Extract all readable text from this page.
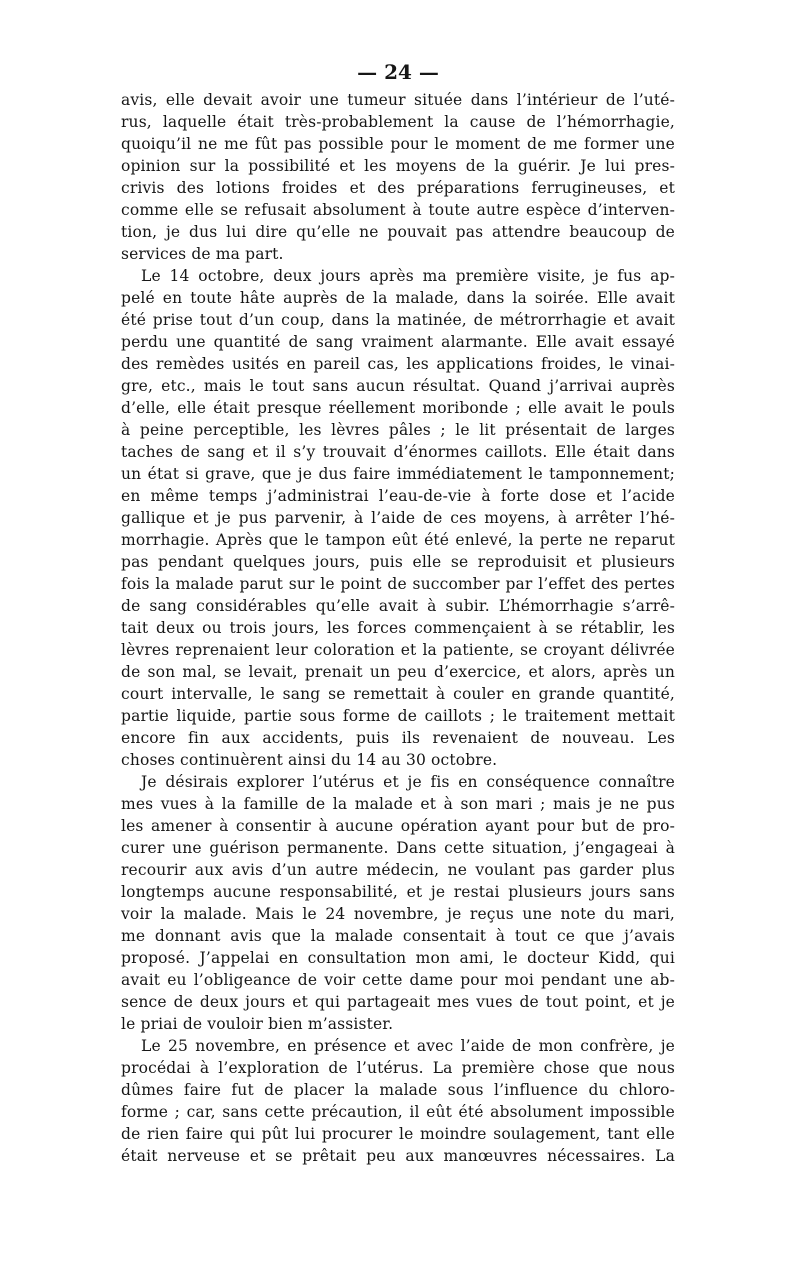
— 24 —

avis, elle devait avoir une tumeur située dans l’intérieur de l’uté-
rus, laquelle était très-probablement la cause de l’hémorrhagie,
quoiqu’il ne me fût pas possible pour le moment de me former une
opinion sur la possibilité et les moyens de la guérir. Je lui pres-
crivis des lotions froides et des préparations ferrugineuses, et
comme elle se refusait absolument à toute autre espèce d’interven-
tion, je dus lui dire qu’elle ne pouvait pas attendre beaucoup de
services de ma part.

Le 14 octobre, deux jours après ma première visite, je fus ap-
pelé en toute hâte auprès de la malade, dans la soirée. Elle avait
été prise tout d’un coup, dans la matinée, de métrorrhagie et avait
perdu une quantité de sang vraiment alarmante. Elle avait essayé
des remèdes usités en pareil cas, les applications froides, le vinai-
gre, etc., mais le tout sans aucun résultat. Quand j’arrivai auprès
d’elle, elle était presque réellement moribonde ; elle avait le pouls
à peine perceptible, les lèvres pâles ; le lit présentait de larges
taches de sang et il s’y trouvait d’énormes caillots. Elle était dans
un état si grave, que je dus faire immédiatement le tamponnement;
en même temps j’administrai l’eau-de-vie à forte dose et l’acide
gallique et je pus parvenir, à l’aide de ces moyens, à arrêter l’hé-
morrhagie. Après que le tampon eût été enlevé, la perte ne reparut
pas pendant quelques jours, puis elle se reproduisit et plusieurs
fois la malade parut sur le point de succomber par l’effet des pertes
de sang considérables qu’elle avait à subir. L’hémorrhagie s’arrê-
tait deux ou trois jours, les forces commençaient à se rétablir, les
lèvres reprenaient leur coloration et la patiente, se croyant délivrée
de son mal, se levait, prenait un peu d’exercice, et alors, après un
court intervalle, le sang se remettait à couler en grande quantité,
partie liquide, partie sous forme de caillots ; le traitement mettait
encore fin aux accidents, puis ils revenaient de nouveau. Les
choses continuèrent ainsi du 14 au 30 octobre.

Je désirais explorer l’utérus et je fis en conséquence connaître
mes vues à la famille de la malade et à son mari ; mais je ne pus
les amener à consentir à aucune opération ayant pour but de pro-
curer une guérison permanente. Dans cette situation, j’engageai à
recourir aux avis d’un autre médecin, ne voulant pas garder plus
longtemps aucune responsabilité, et je restai plusieurs jours sans
voir la malade. Mais le 24 novembre, je reçus une note du mari,
me donnant avis que la malade consentait à tout ce que j’avais
proposé. J’appelai en consultation mon ami, le docteur Kidd, qui
avait eu l’obligeance de voir cette dame pour moi pendant une ab-
sence de deux jours et qui partageait mes vues de tout point, et je
le priai de vouloir bien m’assister.

Le 25 novembre, en présence et avec l’aide de mon confrère, je
procédai à l’exploration de l’utérus. La première chose que nous
dûmes faire fut de placer la malade sous l’influence du chloro-
forme ; car, sans cette précaution, il eût été absolument impossible
de rien faire qui pût lui procurer le moindre soulagement, tant elle
était nerveuse et se prêtait peu aux manœuvres nécessaires. La
